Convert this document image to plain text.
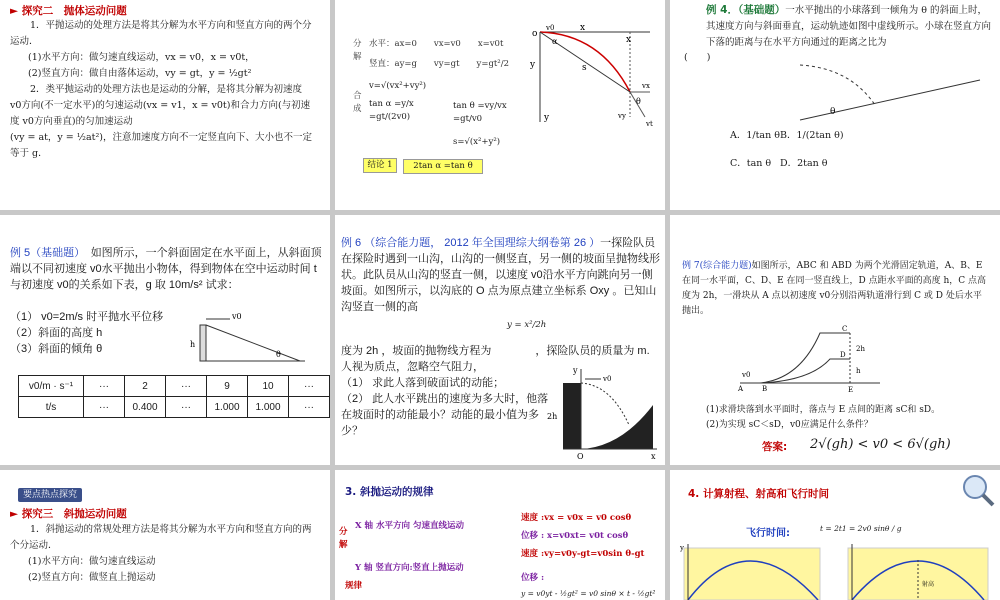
► 探究二　抛体运动问题
1．平抛运动的处理方法是将其分解为水平方向和竖直方向的两个分运动．
(1)水平方向：做匀速直线运动，vx = v0，x = v0t，
(2)竖直方向：做自由落体运动，vy = gt，y = ½gt²
2．类平抛运动的处理方法也是运动的分解，是将其分解为初速度 v0方向(不一定水平)的匀速运动(vx = v1，x = v0t)和合力方向(与初速度 v0方向垂直)的匀加速运动
(vy = at，y = ½at²)，注意加速度方向不一定竖直向下、大小也不一定等于 g．
分解
水平：ax=0　　vx=v0　　x=v0t
竖直：ay=g　　vy=gt　　y=gt²/2
合成
v=√(vx²+vy²)
tan α =y/x =gt/(2v0)
tan θ =vy/vx =gt/v0
s=√(x²+y²)
结论 1	2tan α =tan θ
o
x
x
y
y
s
α
θ
v0
vx
vy
vt
例 4．（基础题）一水平抛出的小球落到一倾角为 θ 的斜面上时，其速度方向与斜面垂直，运动轨迹如图中虚线所示。小球在竖直方向下落的距离与在水平方向通过的距离之比为
(　　)
θ
A．1/tan θ B．1/(2tan θ)
C．tan θ D．2tan θ
例 5（基础题）　 如图所示，一个斜面固定在水平面上，从斜面顶端以不同初速度 v0水平抛出小物体，得到物体在空中运动时间 t 与初速度 v0的关系如下表，g 取 10m/s² 试求：
（1） v0=2m/s 时平抛水平位移
（2）斜面的高度 h
（3）斜面的倾角 θ
v0
h
θ
v0/m · s⁻¹	···	2	···	9	10	···
t/s	···	0.400	···	1.000	1.000	···
例 6 （综合能力题， 2012 年全国理综大纲卷第 26 ）一探险队员在探险时遇到一山沟，山沟的一侧竖直，另一侧的坡面呈抛物线形状。此队员从山沟的竖直一侧，以速度 v0沿水平方向跳向另一侧坡面。如图所示，以沟底的 O 点为原点建立坐标系 Oxy 。已知山沟竖直一侧的高
y = x²/2h
度为 2h ，坡面的抛物线方程为　　　　，探险队员的质量为 m. 人视为质点，忽略空气阻力，
（1） 求此人落到破面试的动能；
（2） 此人水平跳出的速度为多大时，他落在坡面时的动能最小？动能的最小值为多少？
2h
O	x
y
v0
例 7(综合能力题)如图所示，ABC 和 ABD 为两个光滑固定轨道，A、B、E 在同一水平面，C、D、E 在同一竖直线上，D 点距水平面的高度 h，C 点高度为 2h，一滑块从 A 点以初速度 v0分别沿两轨道滑行到 C 或 D 处后水平抛出。
A	B
C
D
E
2h
h
v0
(1)求滑块落到水平面时，落点与 E 点间的距离 sC和 sD。
(2)为实现 sC＜sD，v0应满足什么条件？
答案: 2√(gh) < v0 < 6√(gh)
要点热点探究
► 探究三　斜抛运动问题
1．斜抛运动的常规处理方法是将其分解为水平方向和竖直方向的两个分运动．
(1)水平方向：做匀速直线运动
(2)竖直方向：做竖直上抛运动
3. 斜抛运动的规律
分解
X 轴 水平方向 匀速直线运动
速度 :vx = v0x = v0 cosθ
位移 : x=v0xt= v0t cosθ
Y 轴 竖直方向:竖直上抛运动
速度 :vy=v0y-gt=v0sin θ-gt
位移 :
y = v0yt - ½gt² = v0 sinθ × t - ½gt²
规律
4. 计算射程、射高和飞行时间
飞行时间:	t = 2t1 = 2v0 sinθ / g
y
射高
